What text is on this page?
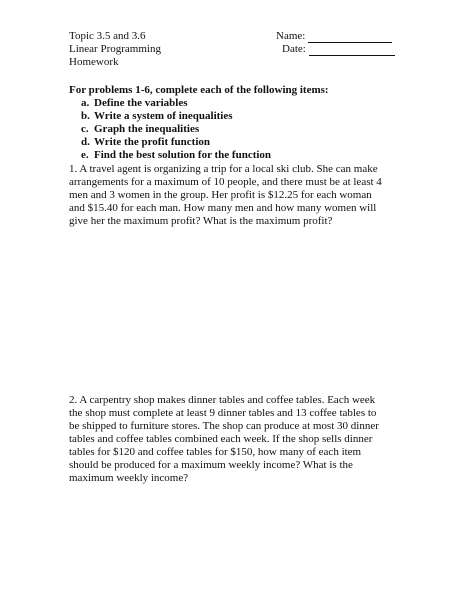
Topic 3.5 and 3.6
Linear Programming
Homework
Name:
Date:
For problems 1-6, complete each of the following items:
a. Define the variables
b. Write a system of inequalities
c. Graph the inequalities
d. Write the profit function
e. Find the best solution for the function

1. A travel agent is organizing a trip for a local ski club. She can make arrangements for a maximum of 10 people, and there must be at least 4 men and 3 women in the group. Her profit is $12.25 for each woman and $15.40 for each man. How many men and how many women will give her the maximum profit? What is the maximum profit?

2. A carpentry shop makes dinner tables and coffee tables. Each week the shop must complete at least 9 dinner tables and 13 coffee tables to be shipped to furniture stores. The shop can produce at most 30 dinner tables and coffee tables combined each week. If the shop sells dinner tables for $120 and coffee tables for $150, how many of each item should be produced for a maximum weekly income? What is the maximum weekly income?
